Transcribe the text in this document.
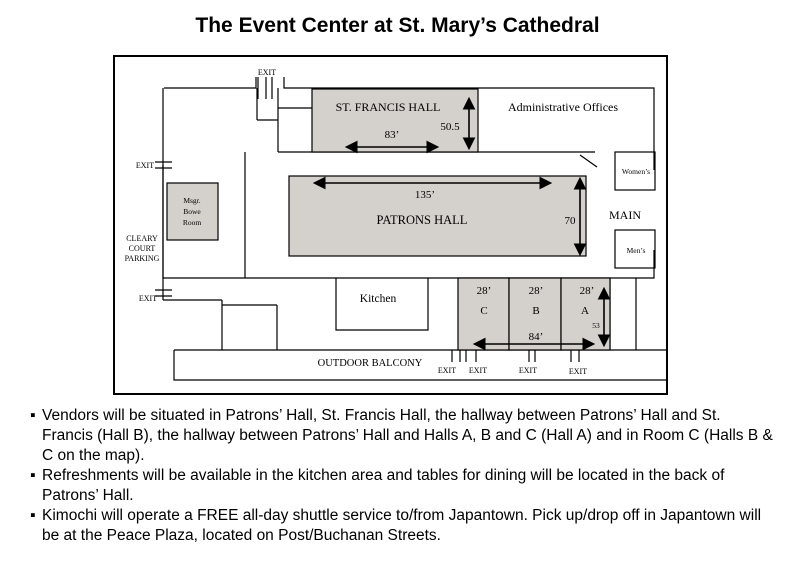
The Event Center at St. Mary’s Cathedral
ST. FRANCIS HALL	Administrative Offices
PATRONS HALL
Msgr.
Bowe
Room
Women’s
Men’s
MAIN
Kitchen
OUTDOOR BALCONY
CLEARY
COURT
PARKING
C	B	A
83’
50.5
135’
70
28’	28’	28’
84’
53
EXIT
EXIT
EXIT
EXIT EXIT	EXIT	EXIT
▪ Vendors will be situated in Patrons’ Hall, St. Francis Hall, the hallway between Patrons’ Hall and St. Francis (Hall B), the hallway between Patrons’ Hall and Halls A, B and C (Hall A) and in Room C (Halls B & C on the map).
▪ Refreshments will be available in the kitchen area and tables for dining will be located in the back of Patrons’ Hall.
▪ Kimochi will operate a FREE all-day shuttle service to/from Japantown. Pick up/drop off in Japantown will be at the Peace Plaza, located on Post/Buchanan Streets.
